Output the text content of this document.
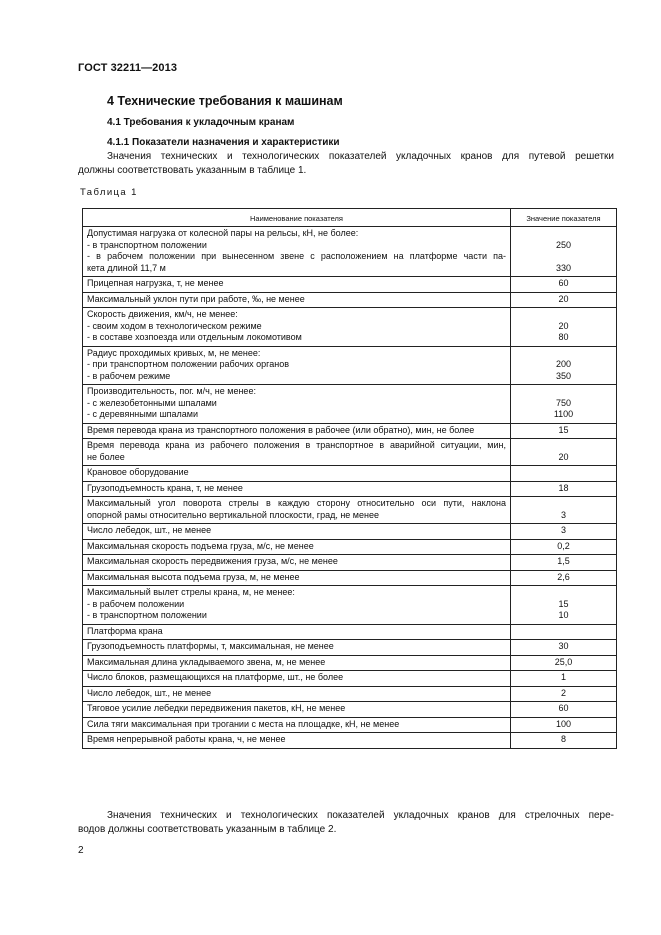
ГОСТ 32211—2013
4 Технические требования к машинам
4.1 Требования к укладочным кранам
4.1.1 Показатели назначения и характеристики
Значения технических и технологических показателей укладочных кранов для путевой решетки
должны соответствовать указанным в таблице 1.
Таблица 1
Наименование показателя	Значение показателя

Допустимая нагрузка от колесной пары на рельсы, кН, не более:
- в транспортном положении
- в рабочем положении при вынесенном звене с расположением на платформе части па-
кета длиной 11,7 м	250
330

Прицепная нагрузка, т, не менее	60

Максимальный уклон пути при работе, ‰, не менее	20

Скорость движения, км/ч, не менее:
- своим ходом в технологическом режиме
- в составе хозпоезда или отдельным локомотивом	20
80

Радиус проходимых кривых, м, не менее:
- при транспортном положении рабочих органов
- в рабочем режиме	200
350

Производительность, пог. м/ч, не менее:
- с железобетонными шпалами
- с деревянными шпалами	750
1100

Время перевода крана из транспортного положения в рабочее (или обратно), мин, не более	15

Время перевода крана из рабочего положения в транспортное в аварийной ситуации, мин,
не более	20

Крановое оборудование	

Грузоподъемность крана, т, не менее	18

Максимальный угол поворота стрелы в каждую сторону относительно оси пути, наклона
опорной рамы относительно вертикальной плоскости, град, не менее	3

Число лебедок, шт., не менее	3

Максимальная скорость подъема груза, м/с, не менее	0,2

Максимальная скорость передвижения груза, м/с, не менее	1,5

Максимальная высота подъема груза, м, не менее	2,6

Максимальный вылет стрелы крана, м, не менее:
- в рабочем положении
- в транспортном положении	15
10

Платформа крана	

Грузоподъемность платформы, т, максимальная, не менее	30

Максимальная длина укладываемого звена, м, не менее	25,0

Число блоков, размещающихся на платформе, шт., не более	1

Число лебедок, шт., не менее	2

Тяговое усилие лебедки передвижения пакетов, кН, не менее	60

Сила тяги максимальная при трогании с места на площадке, кН, не менее	100

Время непрерывной работы крана, ч, не менее	8
Значения технических и технологических показателей укладочных кранов для стрелочных пере-
водов должны соответствовать указанным в таблице 2.
2
